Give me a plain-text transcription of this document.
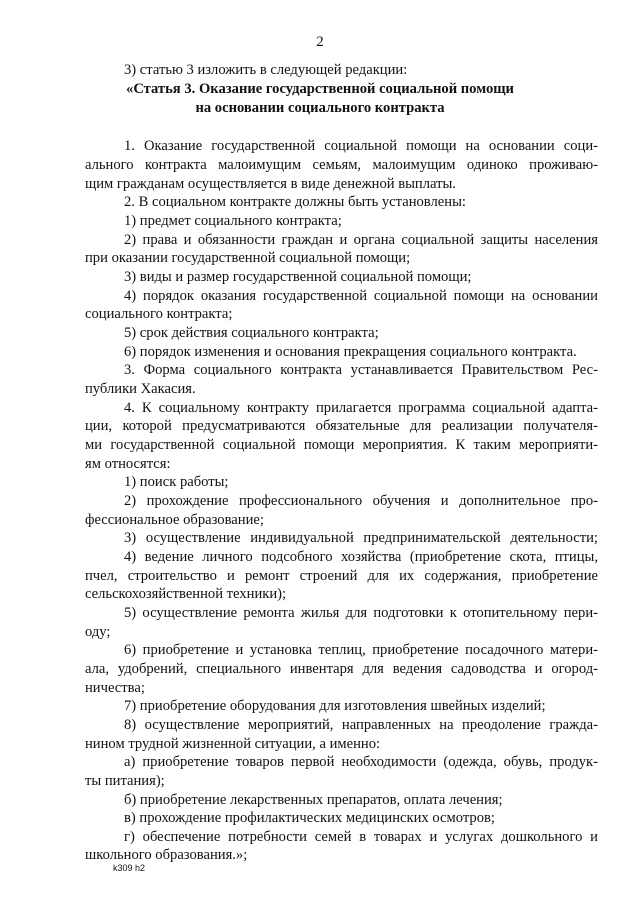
2
3) статью 3 изложить в следующей редакции:
«Статья 3. Оказание государственной социальной помощи
на основании социального контракта
1. Оказание государственной социальной помощи на основании соци-
ального контракта малоимущим семьям, малоимущим одиноко проживаю-
щим гражданам осуществляется в виде денежной выплаты.
2. В социальном контракте должны быть установлены:
1) предмет социального контракта;
2) права и обязанности граждан и органа социальной защиты населения
при оказании государственной социальной помощи;
3) виды и размер государственной социальной помощи;
4) порядок оказания государственной социальной помощи на основании
социального контракта;
5) срок действия социального контракта;
6) порядок изменения и основания прекращения социального контракта.
3. Форма социального контракта устанавливается Правительством Рес-
публики Хакасия.
4. К социальному контракту прилагается программа социальной адапта-
ции, которой предусматриваются обязательные для реализации получателя-
ми государственной социальной помощи мероприятия. К таким мероприяти-
ям относятся:
1) поиск работы;
2) прохождение профессионального обучения и дополнительное про-
фессиональное образование;
3) осуществление индивидуальной предпринимательской деятельности;
4) ведение личного подсобного хозяйства (приобретение скота, птицы,
пчел, строительство и ремонт строений для их содержания, приобретение
сельскохозяйственной техники);
5) осуществление ремонта жилья для подготовки к отопительному пери-
оду;
6) приобретение и установка теплиц, приобретение посадочного матери-
ала, удобрений, специального инвентаря для ведения садоводства и огород-
ничества;
7) приобретение оборудования для изготовления швейных изделий;
8) осуществление мероприятий, направленных на преодоление гражда-
нином трудной жизненной ситуации, а именно:
а) приобретение товаров первой необходимости (одежда, обувь, продук-
ты питания);
б) приобретение лекарственных препаратов, оплата лечения;
в) прохождение профилактических медицинских осмотров;
г) обеспечение потребности семей в товарах и услугах дошкольного и
школьного образования.»;
k309 h2
